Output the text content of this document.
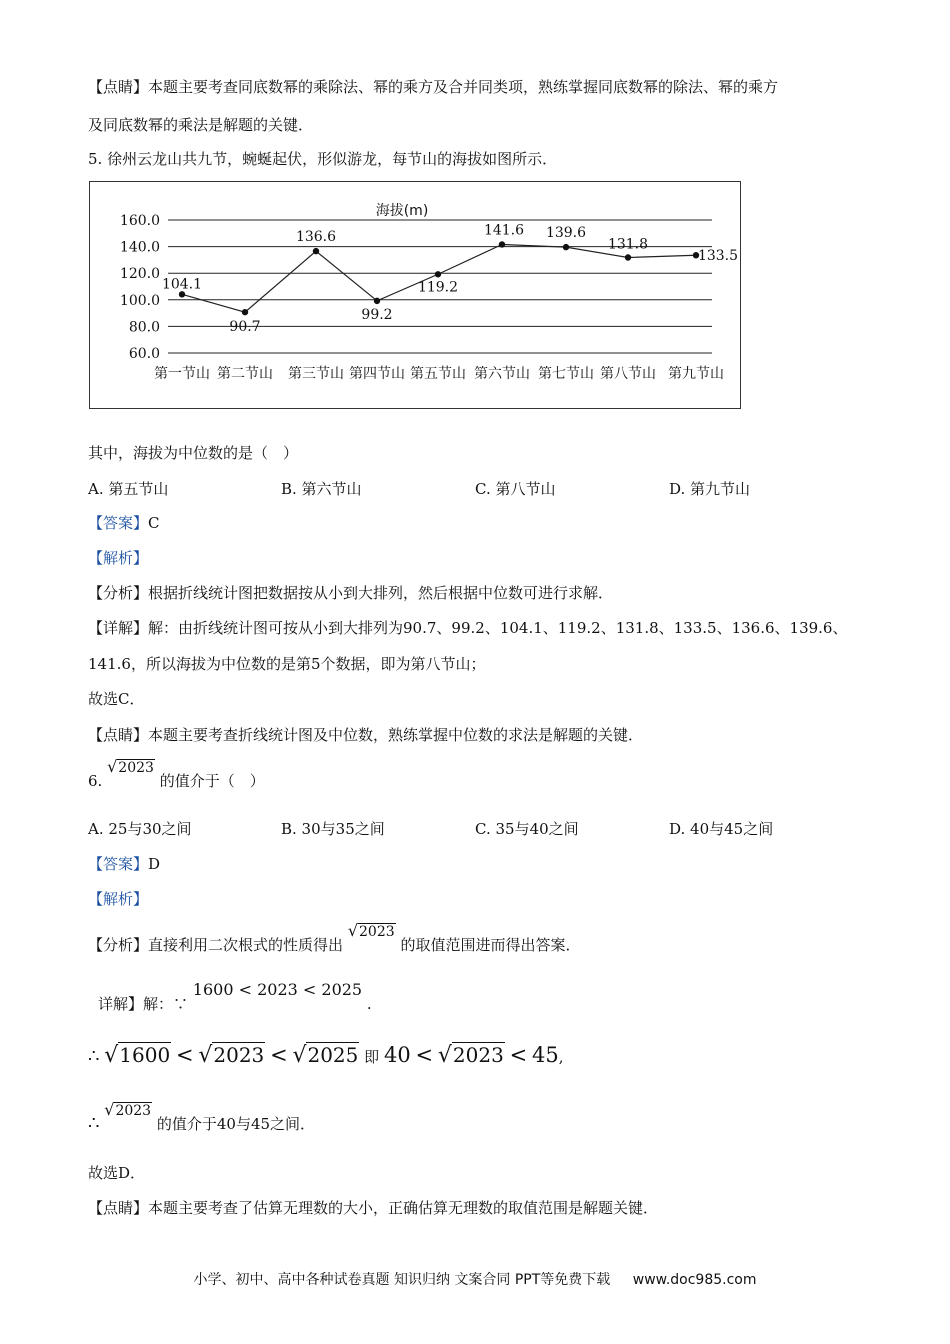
【点睛】本题主要考查同底数幂的乘除法、幂的乘方及合并同类项，熟练掌握同底数幂的除法、幂的乘方
及同底数幂的乘法是解题的关键．
5. 徐州云龙山共九节，蜿蜒起伏，形似游龙，每节山的海拔如图所示．
海拔(m)
60.0
80.0
100.0
120.0
140.0
160.0
第一节山 第二节山 第三节山 第四节山 第五节山 第六节山 第七节山 第八节山 第九节山
104.1
90.7
136.6
99.2
119.2
141.6 139.6
131.8
133.5
其中，海拔为中位数的是（　）
A. 第五节山	B. 第六节山	C. 第八节山	D. 第九节山
【答案】C
【解析】
【分析】根据折线统计图把数据按从小到大排列，然后根据中位数可进行求解．
【详解】解：由折线统计图可按从小到大排列为90.7、99.2、104.1、119.2、131.8、133.5、136.6、139.6、
141.6，所以海拔为中位数的是第5个数据，即为第八节山；
故选C．
【点睛】本题主要考查折线统计图及中位数，熟练掌握中位数的求法是解题的关键．
6. √2023 的值介于（　）
A. 25与30之间	B. 30与35之间	C. 35与40之间	D. 40与45之间
【答案】D
【解析】
【分析】直接利用二次根式的性质得出 √2023 的取值范围进而得出答案．
详解】解：∵ 1600 < 2023 < 2025 .
∴ √1600 < √2023 < √2025 即 40 < √2023 < 45,
∴ √2023 的值介于40与45之间．
故选D．
【点睛】本题主要考查了估算无理数的大小，正确估算无理数的取值范围是解题关键．
小学、初中、高中各种试卷真题 知识归纳 文案合同 PPT等免费下载 www.doc985.com
